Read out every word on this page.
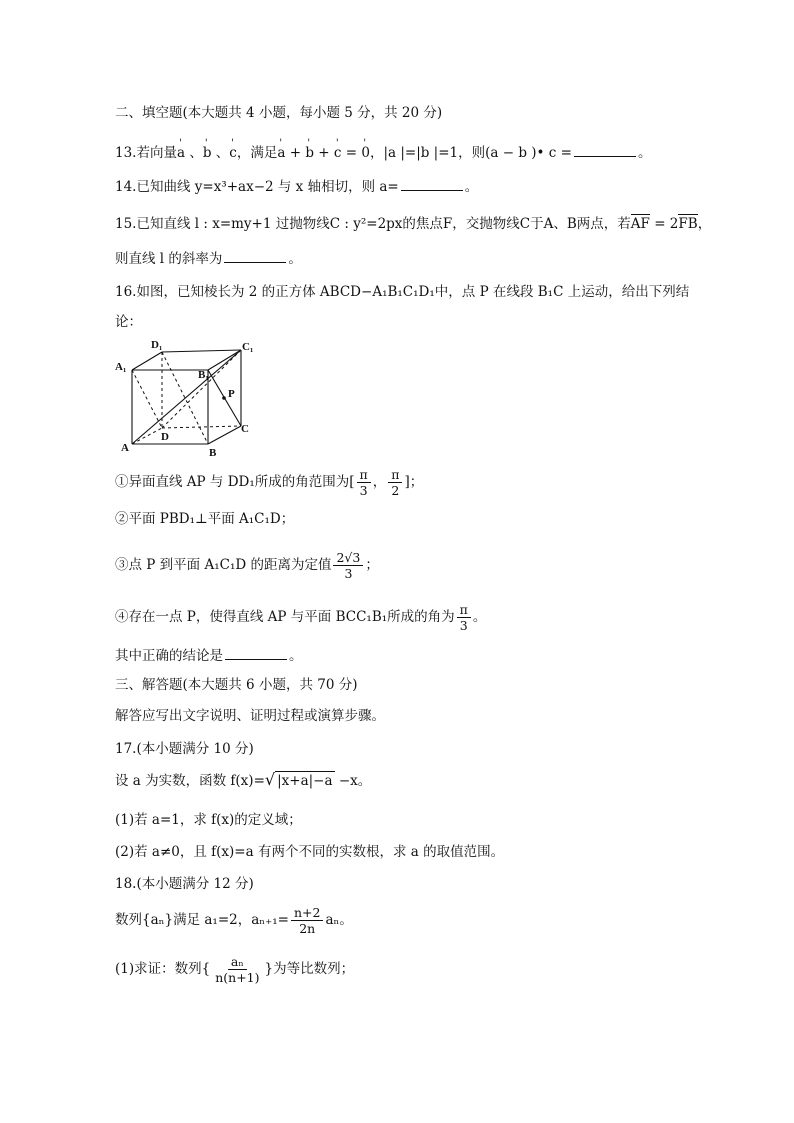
二、填空题(本大题共 4 小题，每小题 5 分，共 20 分)
13.若向量' a 、' b 、' c，满足' a + ' b + ' c = ' 0，|a |=|b |=1，则(a − b )• c =	。
14.已知曲线 y=x³+ax−2 与 x 轴相切，则 a=	。
15.已知直线 l : x=my+1 过抛物线C : y²=2px的焦点F，交抛物线C于A、B两点，若AF = 2FB，
则直线 l 的斜率为	。
16.如图，已知棱长为 2 的正方体 ABCD−A₁B₁C₁D₁中，点 P 在线段 B₁C 上运动，给出下列结
论：
A₁
D₁	C₁
B₁
P
C
D
A	B
①异面直线 AP 与 DD₁所成的角范围为[ $\frac{\pi}{3}$ ， $\frac{\pi}{2}$ ]；
②平面 PBD₁⊥平面 A₁C₁D；
③点 P 到平面 A₁C₁D 的距离为定值 $\frac{2√3}{3}$ ；
④存在一点 P，使得直线 AP 与平面 BCC₁B₁所成的角为 $\frac{\pi}{3}$ 。
其中正确的结论是	。
三、解答题(本大题共 6 小题，共 70 分)
解答应写出文字说明、证明过程或演算步骤。
17.(本小题满分 10 分)
设 a 为实数，函数 f(x)=√ |x+a|−a −x。
(1)若 a=1，求 f(x)的定义域；
(2)若 a≠0，且 f(x)=a 有两个不同的实数根，求 a 的取值范围。
18.(本小题满分 12 分)
数列{aₙ}满足 a₁=2，$a_{n+1}= \frac{n+2}{2n}$ aₙ。
(1)求证：数列{ $\frac{\text{aₙ}}{n(n+1)}$ }为等比数列；
